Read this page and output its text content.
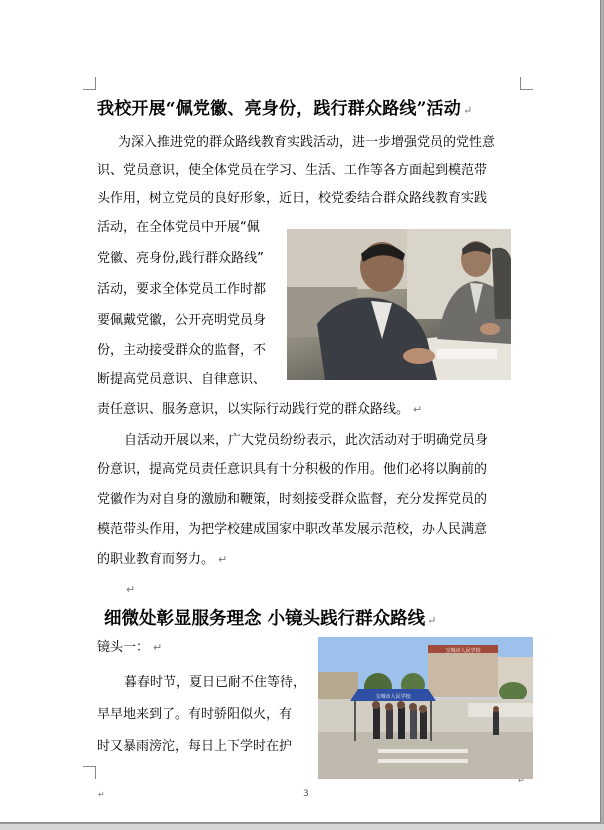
我校开展“佩党徽、亮身份，践行群众路线”活动 ↵
为深入推进党的群众路线教育实践活动，进一步增强党员的党性意
识、党员意识，使全体党员在学习、生活、工作等各方面起到模范带
头作用，树立党员的良好形象，近日，校党委结合群众路线教育实践
活动，在全体党员中开展“佩
党徽、亮身份,践行群众路线”
活动，要求全体党员工作时都
要佩戴党徽，公开亮明党员身
份，主动接受群众的监督，不
断提高党员意识、自律意识、
责任意识、服务意识，以实际行动践行党的群众路线。 ↵
自活动开展以来，广大党员纷纷表示，此次活动对于明确党员身
份意识，提高党员责任意识具有十分积极的作用。他们必将以胸前的
党徽作为对自身的激励和鞭策，时刻接受群众监督，充分发挥党员的
模范带头作用，为把学校建成国家中职改革发展示范校，办人民满意
的职业教育而努力。 ↵
↵
细微处彰显服务理念 小镜头践行群众路线 ↵
镜头一： ↵
暮春时节，夏日已耐不住等待，
早早地来到了。有时骄阳似火，有
时又暴雨滂沱，每日上下学时在护
宝城市人民学校
宝城市人民学校
3
↵
↵
